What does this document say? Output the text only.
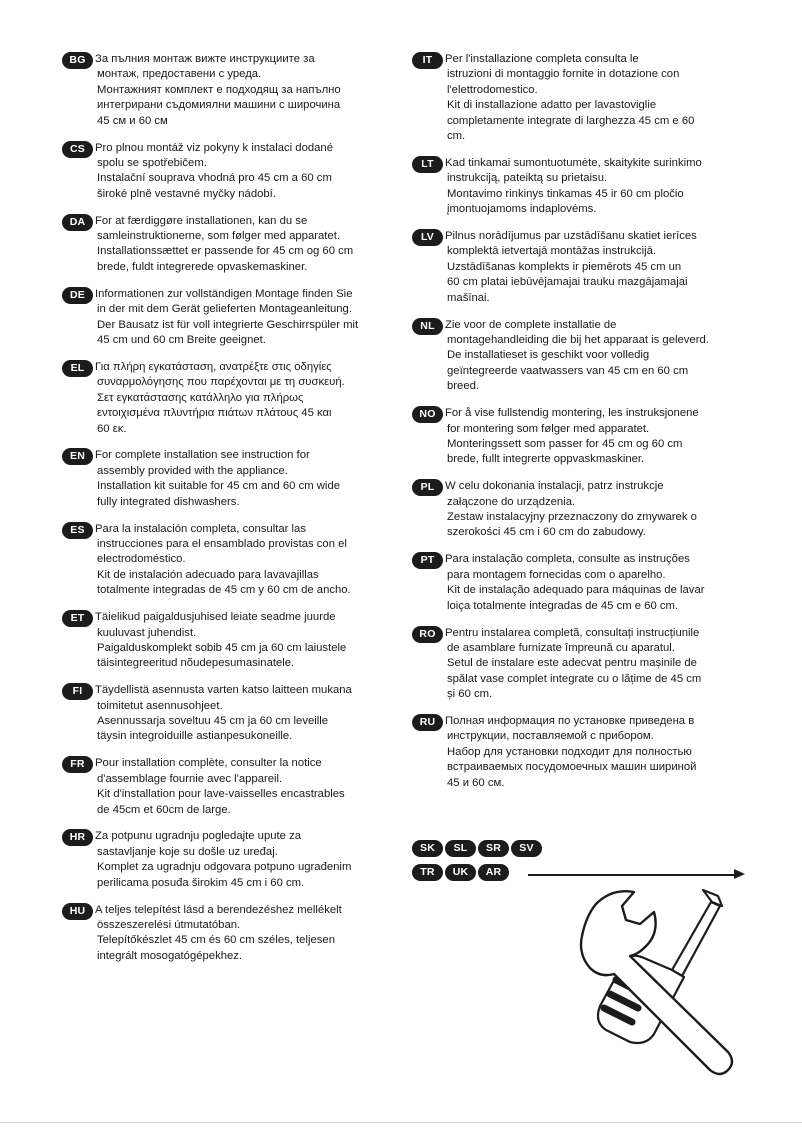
BG За пълния монтаж вижте инструкциите за
монтаж, предоставени с уреда.
Монтажният комплект е подходящ за напълно
интегрирани съдомиялни машини с широчина
45 см и 60 см
CS Pro plnou montáž viz pokyny k instalaci dodané
spolu se spotřebičem.
Instalační souprava vhodná pro 45 cm a 60 cm
široké plně vestavné myčky nádobí.
DA For at færdiggøre installationen, kan du se
samleinstruktionerne, som følger med apparatet.
Installationssættet er passende for 45 cm og 60 cm
brede, fuldt integrerede opvaskemaskiner.
DE Informationen zur vollständigen Montage finden Sie
in der mit dem Gerät gelieferten Montageanleitung.
Der Bausatz ist für voll integrierte Geschirrspüler mit
45 cm und 60 cm Breite geeignet.
EL Για πλήρη εγκατάσταση, ανατρέξτε στις οδηγίες
συναρμολόγησης που παρέχονται με τη συσκευή.
Σετ εγκατάστασης κατάλληλο για πλήρως
εντοιχισμένα πλυντήρια πιάτων πλάτους 45 και
60 εκ.
EN For complete installation see instruction for
assembly provided with the appliance.
Installation kit suitable for 45 cm and 60 cm wide
fully integrated dishwashers.
ES Para la instalación completa, consultar las
instrucciones para el ensamblado provistas con el
electrodoméstico.
Kit de instalación adecuado para lavavajillas
totalmente integradas de 45 cm y 60 cm de ancho.
ET Täielikud paigaldusjuhised leiate seadme juurde
kuuluvast juhendist.
Paigalduskomplekt sobib 45 cm ja 60 cm laiustele
täisintegreeritud nõudepesumasinatele.
FI	Täydellistä asennusta varten katso laitteen mukana
toimitetut asennusohjeet.
Asennussarja soveltuu 45 cm ja 60 cm leveille
täysin integroiduille astianpesukoneille.
FR Pour installation complète, consulter la notice
d'assemblage fournie avec l'appareil.
Kit d'installation pour lave-vaisselles encastrables
de 45cm et 60cm de large.
HR Za potpunu ugradnju pogledajte upute za
sastavljanje koje su došle uz uređaj.
Komplet za ugradnju odgovara potpuno ugrađenim
perilicama posuđa širokim 45 cm i 60 cm.
HU A teljes telepítést lásd a berendezéshez mellékelt
összeszerelési útmutatóban.
Telepítőkészlet 45 cm és 60 cm széles, teljesen
integrált mosogatógépekhez.
IT	Per l'installazione completa consulta le
istruzioni di montaggio fornite in dotazione con
l'elettrodomestico.
Kit di installazione adatto per lavastoviglie
completamente integrate di larghezza 45 cm e 60
cm.
LT Kad tinkamai sumontuotumėte, skaitykite surinkimo
instrukciją, pateiktą su prietaisu.
Montavimo rinkinys tinkamas 45 ir 60 cm pločio
įmontuojamoms indaplovėms.
LV Pilnus norādījumus par uzstādīšanu skatiet ierīces
komplektā ietvertajā montāžas instrukcijā.
Uzstādīšanas komplekts ir piemērots 45 cm un
60 cm platai iebūvējamajai trauku mazgājamajai
mašīnai.
NL Zie voor de complete installatie de
montagehandleiding die bij het apparaat is geleverd.
De installatieset is geschikt voor volledig
geïntegreerde vaatwassers van 45 cm en 60 cm
breed.
NO For å vise fullstendig montering, les instruksjonene
for montering som følger med apparatet.
Monteringssett som passer for 45 cm og 60 cm
brede, fullt integrerte oppvaskmaskiner.
PL W celu dokonania instalacji, patrz instrukcje
załączone do urządzenia.
Zestaw instalacyjny przeznaczony do zmywarek o
szerokości 45 cm i 60 cm do zabudowy.
PT Para instalação completa, consulte as instruções
para montagem fornecidas com o aparelho.
Kit de instalação adequado para máquinas de lavar
loiça totalmente integradas de 45 cm e 60 cm.
RO Pentru instalarea completă, consultați instrucțiunile
de asamblare furnizate împreună cu aparatul.
Setul de instalare este adecvat pentru mașinile de
spălat vase complet integrate cu o lățime de 45 cm
și 60 cm.
RU Полная информация по установке приведена в
инструкции, поставляемой с прибором.
Набор для установки подходит для полностью
встраиваемых посудомоечных машин шириной
45 и 60 см.
SK	SL	SR	SV
TR	UK	AR
